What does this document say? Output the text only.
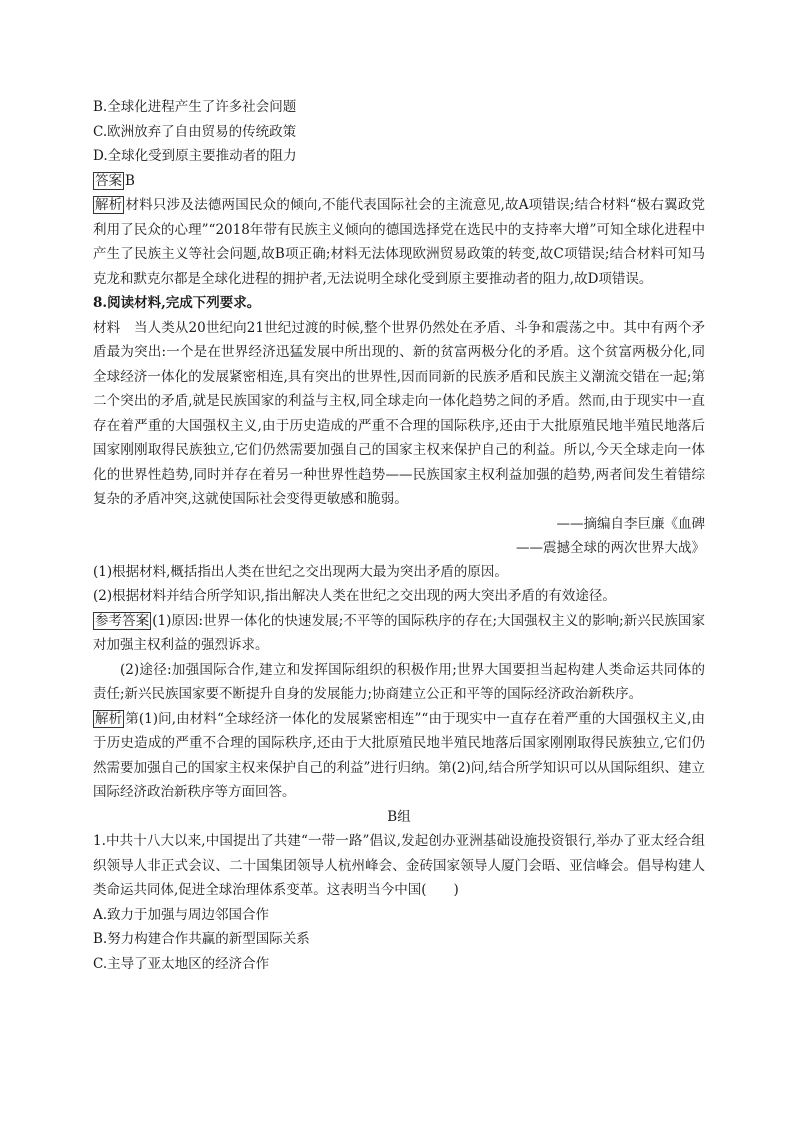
B.全球化进程产生了许多社会问题
C.欧洲放弃了自由贸易的传统政策
D.全球化受到原主要推动者的阻力
答案 B
解析 材料只涉及法德两国民众的倾向,不能代表国际社会的主流意见,故A项错误;结合材料“极右翼政党利用了民众的心理”“2018年带有民族主义倾向的德国选择党在选民中的支持率大增”可知全球化进程中产生了民族主义等社会问题,故B项正确;材料无法体现欧洲贸易政策的转变,故C项错误;结合材料可知马克龙和默克尔都是全球化进程的拥护者,无法说明全球化受到原主要推动者的阻力,故D项错误。
8.阅读材料,完成下列要求。
材料　 当人类从20世纪向21世纪过渡的时候,整个世界仍然处在矛盾、斗争和震荡之中。其中有两个矛盾最为突出:一个是在世界经济迅猛发展中所出现的、新的贫富两极分化的矛盾。这个贫富两极分化,同全球经济一体化的发展紧密相连,具有突出的世界性,因而同新的民族矛盾和民族主义潮流交错在一起;第二个突出的矛盾,就是民族国家的利益与主权,同全球走向一体化趋势之间的矛盾。然而,由于现实中一直存在着严重的大国强权主义,由于历史造成的严重不合理的国际秩序,还由于大批原殖民地半殖民地落后国家刚刚取得民族独立,它们仍然需要加强自己的国家主权来保护自己的利益。所以,今天全球走向一体化的世界性趋势,同时并存在着另一种世界性趋势——民族国家主权利益加强的趋势,两者间发生着错综复杂的矛盾冲突,这就使国际社会变得更敏感和脆弱。
——摘编自李巨廉《血碑
——震撼全球的两次世界大战》
(1)根据材料,概括指出人类在世纪之交出现两大最为突出矛盾的原因。
(2)根据材料并结合所学知识,指出解决人类在世纪之交出现的两大突出矛盾的有效途径。
参考答案 (1)原因:世界一体化的快速发展;不平等的国际秩序的存在;大国强权主义的影响;新兴民族国家对加强主权利益的强烈诉求。
(2)途径:加强国际合作,建立和发挥国际组织的积极作用;世界大国要担当起构建人类命运共同体的责任;新兴民族国家要不断提升自身的发展能力;协商建立公正和平等的国际经济政治新秩序。
解析 第(1)问,由材料“全球经济一体化的发展紧密相连”“由于现实中一直存在着严重的大国强权主义,由于历史造成的严重不合理的国际秩序,还由于大批原殖民地半殖民地落后国家刚刚取得民族独立,它们仍然需要加强自己的国家主权来保护自己的利益”进行归纳。第(2)问,结合所学知识可以从国际组织、建立国际经济政治新秩序等方面回答。
B组
1.中共十八大以来,中国提出了共建“一带一路”倡议,发起创办亚洲基础设施投资银行,举办了亚太经合组织领导人非正式会议、二十国集团领导人杭州峰会、金砖国家领导人厦门会晤、亚信峰会。倡导构建人类命运共同体,促进全球治理体系变革。这表明当今中国(　　)
A.致力于加强与周边邻国合作
B.努力构建合作共赢的新型国际关系
C.主导了亚太地区的经济合作
